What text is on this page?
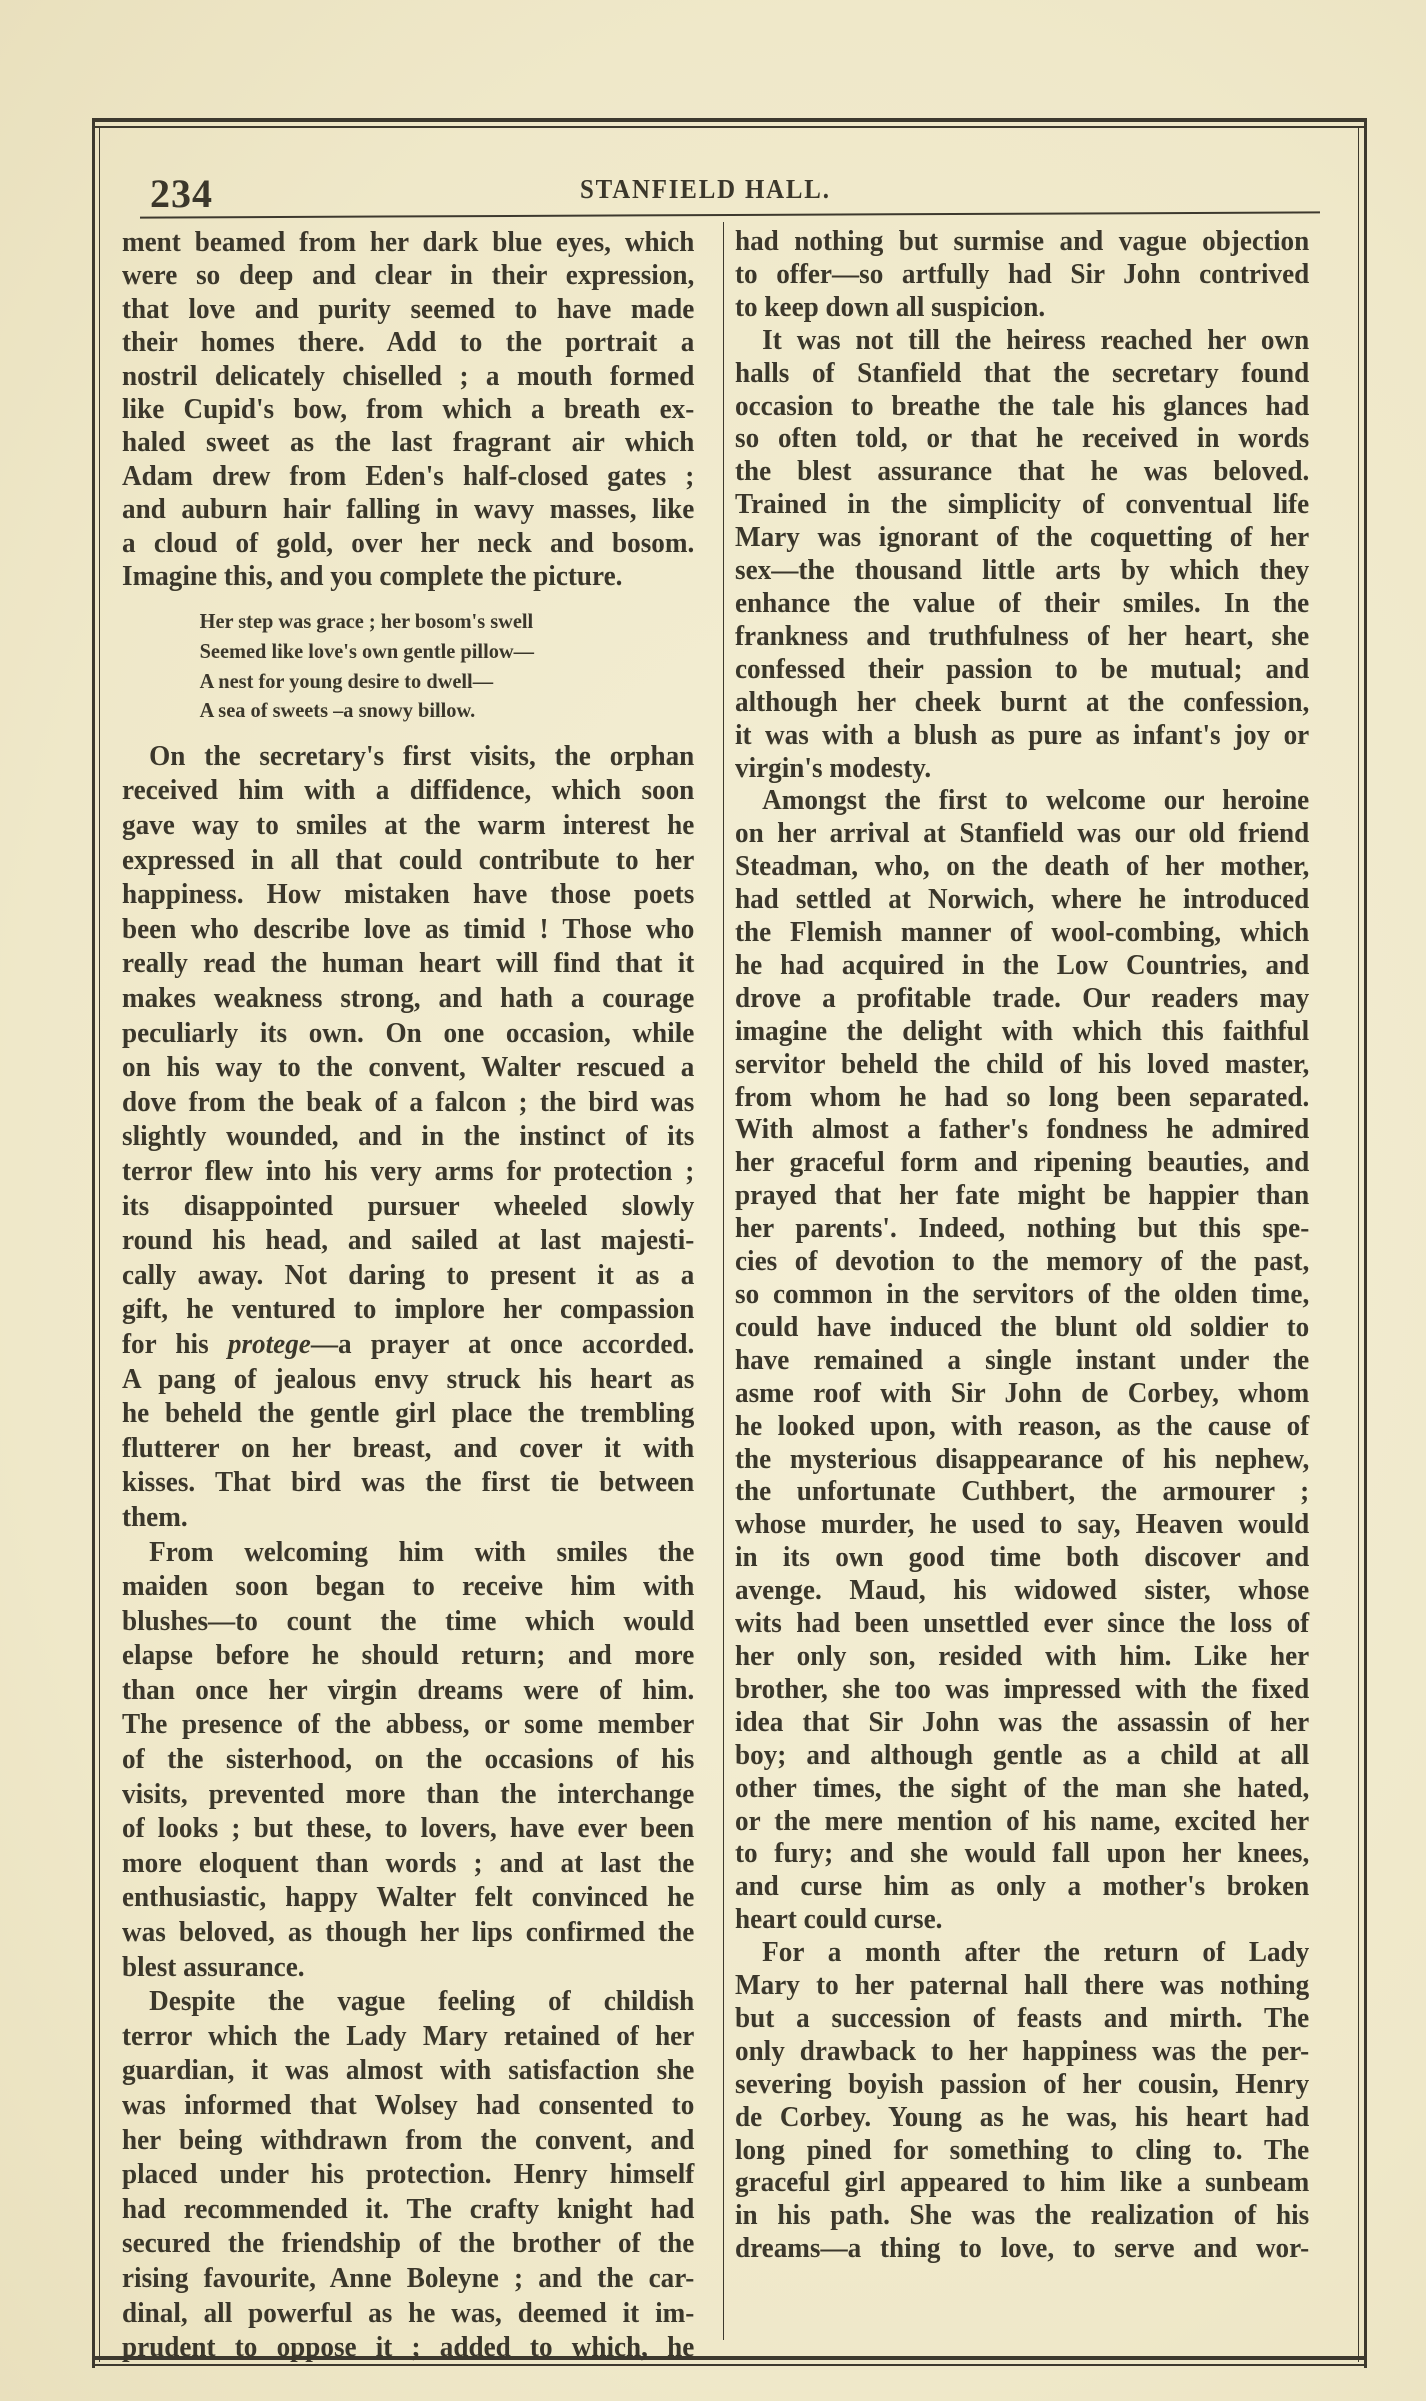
234	STANFIELD HALL.
ment beamed from her dark blue eyes, which
were so deep and clear in their expression,
that love and purity seemed to have made
their homes there. Add to the portrait a
nostril delicately chiselled ; a mouth formed
like Cupid's bow, from which a breath ex-
haled sweet as the last fragrant air which
Adam drew from Eden's half-closed gates ;
and auburn hair falling in wavy masses, like
a cloud of gold, over her neck and bosom.
Imagine this, and you complete the picture.
Her step was grace ; her bosom's swell
Seemed like love's own gentle pillow—
A nest for young desire to dwell—
A sea of sweets –a snowy billow.
On the secretary's first visits, the orphan
received him with a diffidence, which soon
gave way to smiles at the warm interest he
expressed in all that could contribute to her
happiness. How mistaken have those poets
been who describe love as timid ! Those who
really read the human heart will find that it
makes weakness strong, and hath a courage
peculiarly its own. On one occasion, while
on his way to the convent, Walter rescued a
dove from the beak of a falcon ; the bird was
slightly wounded, and in the instinct of its
terror flew into his very arms for protection ;
its disappointed pursuer wheeled slowly
round his head, and sailed at last majesti-
cally away. Not daring to present it as a
gift, he ventured to implore her compassion
for his protege—a prayer at once accorded.
A pang of jealous envy struck his heart as
he beheld the gentle girl place the trembling
flutterer on her breast, and cover it with
kisses. That bird was the first tie between
them.
From welcoming him with smiles the
maiden soon began to receive him with
blushes—to count the time which would
elapse before he should return; and more
than once her virgin dreams were of him.
The presence of the abbess, or some member
of the sisterhood, on the occasions of his
visits, prevented more than the interchange
of looks ; but these, to lovers, have ever been
more eloquent than words ; and at last the
enthusiastic, happy Walter felt convinced he
was beloved, as though her lips confirmed the
blest assurance.
Despite the vague feeling of childish
terror which the Lady Mary retained of her
guardian, it was almost with satisfaction she
was informed that Wolsey had consented to
her being withdrawn from the convent, and
placed under his protection. Henry himself
had recommended it. The crafty knight had
secured the friendship of the brother of the
rising favourite, Anne Boleyne ; and the car-
dinal, all powerful as he was, deemed it im-
prudent to oppose it ; added to which, he
had nothing but surmise and vague objection
to offer—so artfully had Sir John contrived
to keep down all suspicion.
It was not till the heiress reached her own
halls of Stanfield that the secretary found
occasion to breathe the tale his glances had
so often told, or that he received in words
the blest assurance that he was beloved.
Trained in the simplicity of conventual life
Mary was ignorant of the coquetting of her
sex—the thousand little arts by which they
enhance the value of their smiles. In the
frankness and truthfulness of her heart, she
confessed their passion to be mutual; and
although her cheek burnt at the confession,
it was with a blush as pure as infant's joy or
virgin's modesty.
Amongst the first to welcome our heroine
on her arrival at Stanfield was our old friend
Steadman, who, on the death of her mother,
had settled at Norwich, where he introduced
the Flemish manner of wool-combing, which
he had acquired in the Low Countries, and
drove a profitable trade. Our readers may
imagine the delight with which this faithful
servitor beheld the child of his loved master,
from whom he had so long been separated.
With almost a father's fondness he admired
her graceful form and ripening beauties, and
prayed that her fate might be happier than
her parents'. Indeed, nothing but this spe-
cies of devotion to the memory of the past,
so common in the servitors of the olden time,
could have induced the blunt old soldier to
have remained a single instant under the
asme roof with Sir John de Corbey, whom
he looked upon, with reason, as the cause of
the mysterious disappearance of his nephew,
the unfortunate Cuthbert, the armourer ;
whose murder, he used to say, Heaven would
in its own good time both discover and
avenge. Maud, his widowed sister, whose
wits had been unsettled ever since the loss of
her only son, resided with him. Like her
brother, she too was impressed with the fixed
idea that Sir John was the assassin of her
boy; and although gentle as a child at all
other times, the sight of the man she hated,
or the mere mention of his name, excited her
to fury; and she would fall upon her knees,
and curse him as only a mother's broken
heart could curse.
For a month after the return of Lady
Mary to her paternal hall there was nothing
but a succession of feasts and mirth. The
only drawback to her happiness was the per-
severing boyish passion of her cousin, Henry
de Corbey. Young as he was, his heart had
long pined for something to cling to. The
graceful girl appeared to him like a sunbeam
in his path. She was the realization of his
dreams—a thing to love, to serve and wor-
